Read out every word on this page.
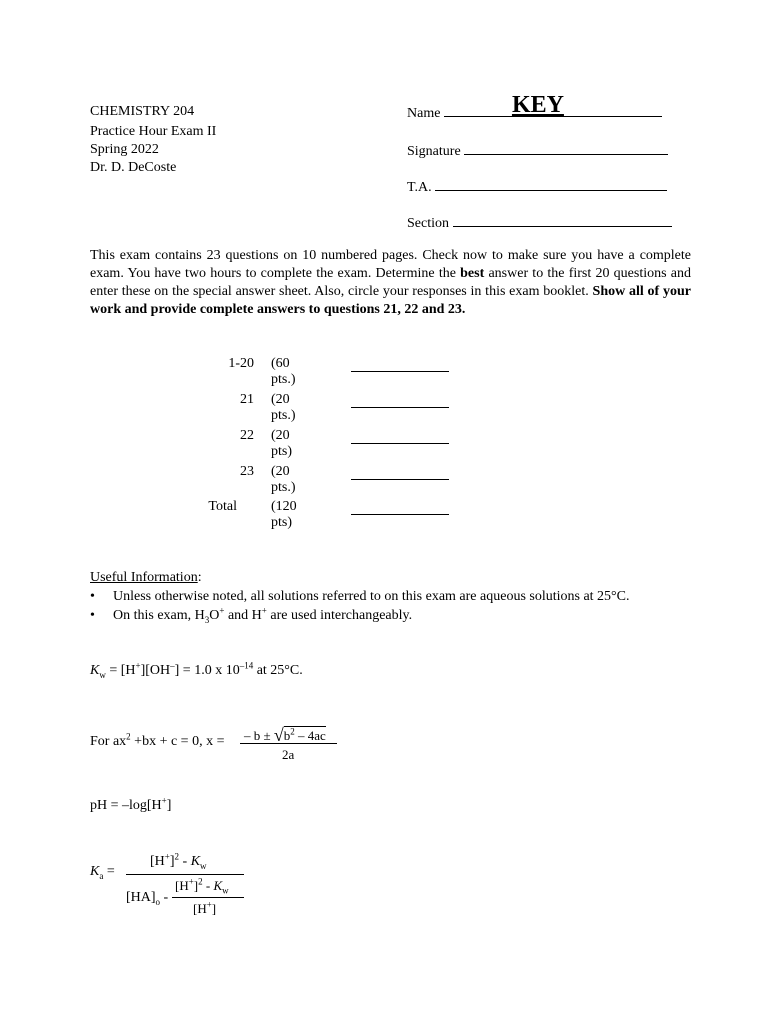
CHEMISTRY 204
Practice Hour Exam II
Spring 2022
Dr. D. DeCoste
Name	KEY
Signature
T.A.
Section
This exam contains 23 questions on 10 numbered pages. Check now to make sure you have a complete exam. You have two hours to complete the exam. Determine the best answer to the first 20 questions and enter these on the special answer sheet. Also, circle your responses in this exam booklet. Show all of your work and provide complete answers to questions 21, 22 and 23.
1-20 (60 pts.)
21 (20 pts.)
22 (20 pts)
23 (20 pts.)
Total (120 pts)
Useful Information:
• Unless otherwise noted, all solutions referred to on this exam are aqueous solutions at 25°C.
• On this exam, $H_3O^+$ and H+ are used interchangeably.
$K_w = [H^+][OH^-] = 1.0$ x $10^{-14}$ at 25°C.
For $ax^2 +bx + c = 0$, x = – $b \pm √b^2 - 4ac$
2a
pH = –log[H+]
$K_a$ =
$[H^+]^2 - K_w$
$[HA]_o$ -
$[H^+]^2 - K_w$
[H+]
